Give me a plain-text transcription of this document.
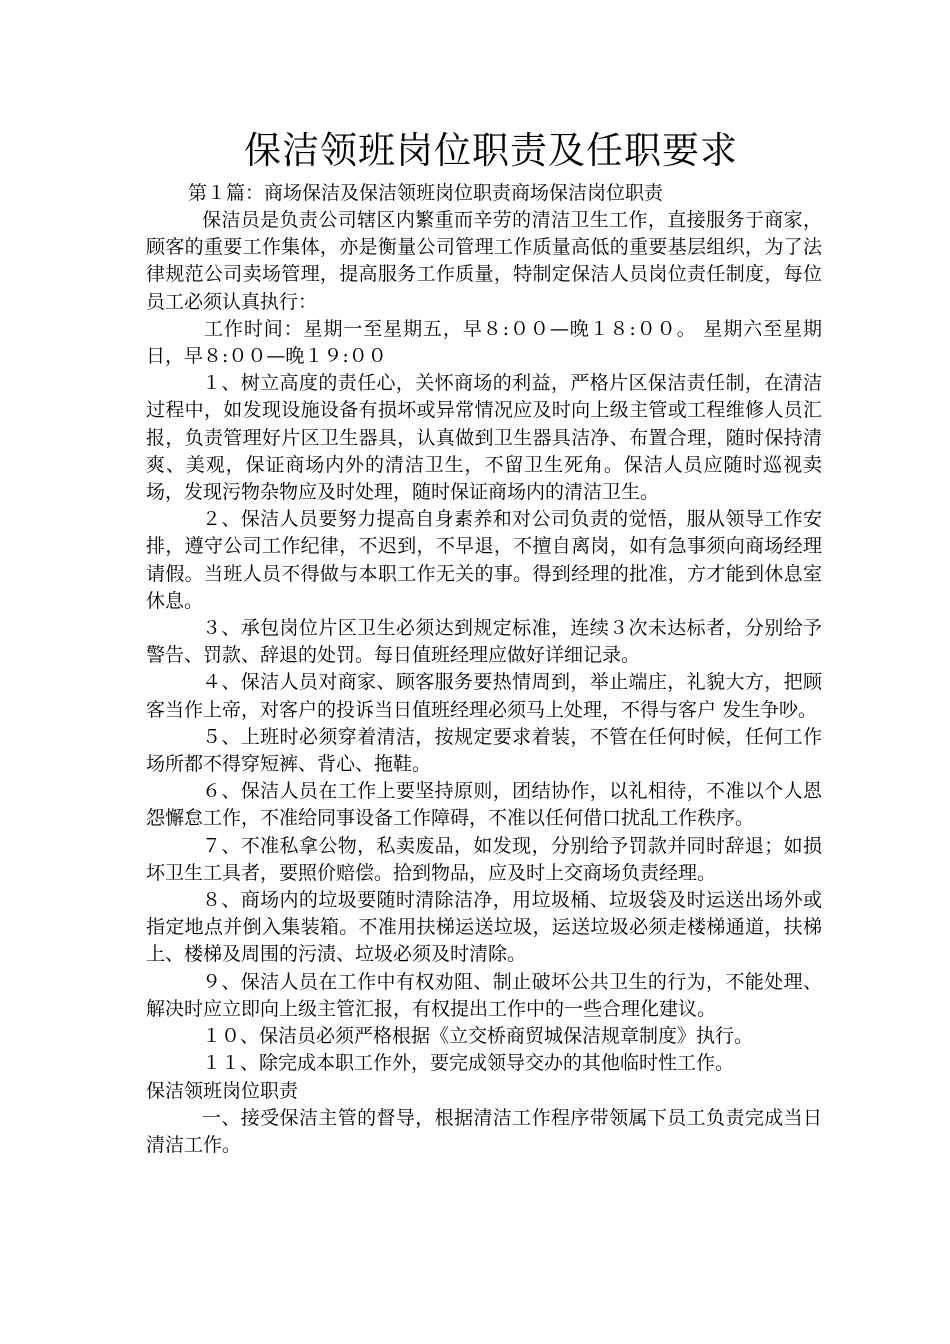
保洁领班岗位职责及任职要求

第１篇：商场保洁及保洁领班岗位职责商场保洁岗位职责

保洁员是负责公司辖区内繁重而辛劳的清洁卫生工作，直接服务于商家，顾客的重要工作集体，亦是衡量公司管理工作质量高低的重要基层组织，为了法律规范公司卖场管理，提高服务工作质量，特制定保洁人员岗位责任制度，每位员工必须认真执行：

工作时间：星期一至星期五，早８:００—晚１８:００。 星期六至星期日，早８:００—晚１９:００

１、树立高度的责任心，关怀商场的利益，严格片区保洁责任制，在清洁过程中，如发现设施设备有损坏或异常情况应及时向上级主管或工程维修人员汇报，负责管理好片区卫生器具，认真做到卫生器具洁净、布置合理，随时保持清爽、美观，保证商场内外的清洁卫生，不留卫生死角。保洁人员应随时巡视卖场，发现污物杂物应及时处理，随时保证商场内的清洁卫生。

２、保洁人员要努力提高自身素养和对公司负责的觉悟，服从领导工作安排，遵守公司工作纪律，不迟到，不早退，不擅自离岗，如有急事须向商场经理请假。当班人员不得做与本职工作无关的事。得到经理的批准，方才能到休息室休息。

３、承包岗位片区卫生必须达到规定标准，连续３次未达标者，分别给予警告、罚款、辞退的处罚。每日值班经理应做好详细记录。

４、保洁人员对商家、顾客服务要热情周到，举止端庄，礼貌大方，把顾客当作上帝，对客户的投诉当日值班经理必须马上处理，不得与客户 发生争吵。

５、上班时必须穿着清洁，按规定要求着装，不管在任何时候，任何工作场所都不得穿短裤、背心、拖鞋。

６、保洁人员在工作上要坚持原则，团结协作，以礼相待，不准以个人恩怨懈怠工作，不准给同事设备工作障碍，不准以任何借口扰乱工作秩序。

７、不准私拿公物，私卖废品，如发现，分别给予罚款并同时辞退；如损坏卫生工具者，要照价赔偿。拾到物品，应及时上交商场负责经理。

８、商场内的垃圾要随时清除洁净，用垃圾桶、垃圾袋及时运送出场外或指定地点并倒入集装箱。不准用扶梯运送垃圾，运送垃圾必须走楼梯通道，扶梯上、楼梯及周围的污渍、垃圾必须及时清除。

９、保洁人员在工作中有权劝阻、制止破坏公共卫生的行为，不能处理、解决时应立即向上级主管汇报，有权提出工作中的一些合理化建议。

１０、保洁员必须严格根据《立交桥商贸城保洁规章制度》执行。

１１、除完成本职工作外，要完成领导交办的其他临时性工作。

保洁领班岗位职责

一、接受保洁主管的督导，根据清洁工作程序带领属下员工负责完成当日清洁工作。
